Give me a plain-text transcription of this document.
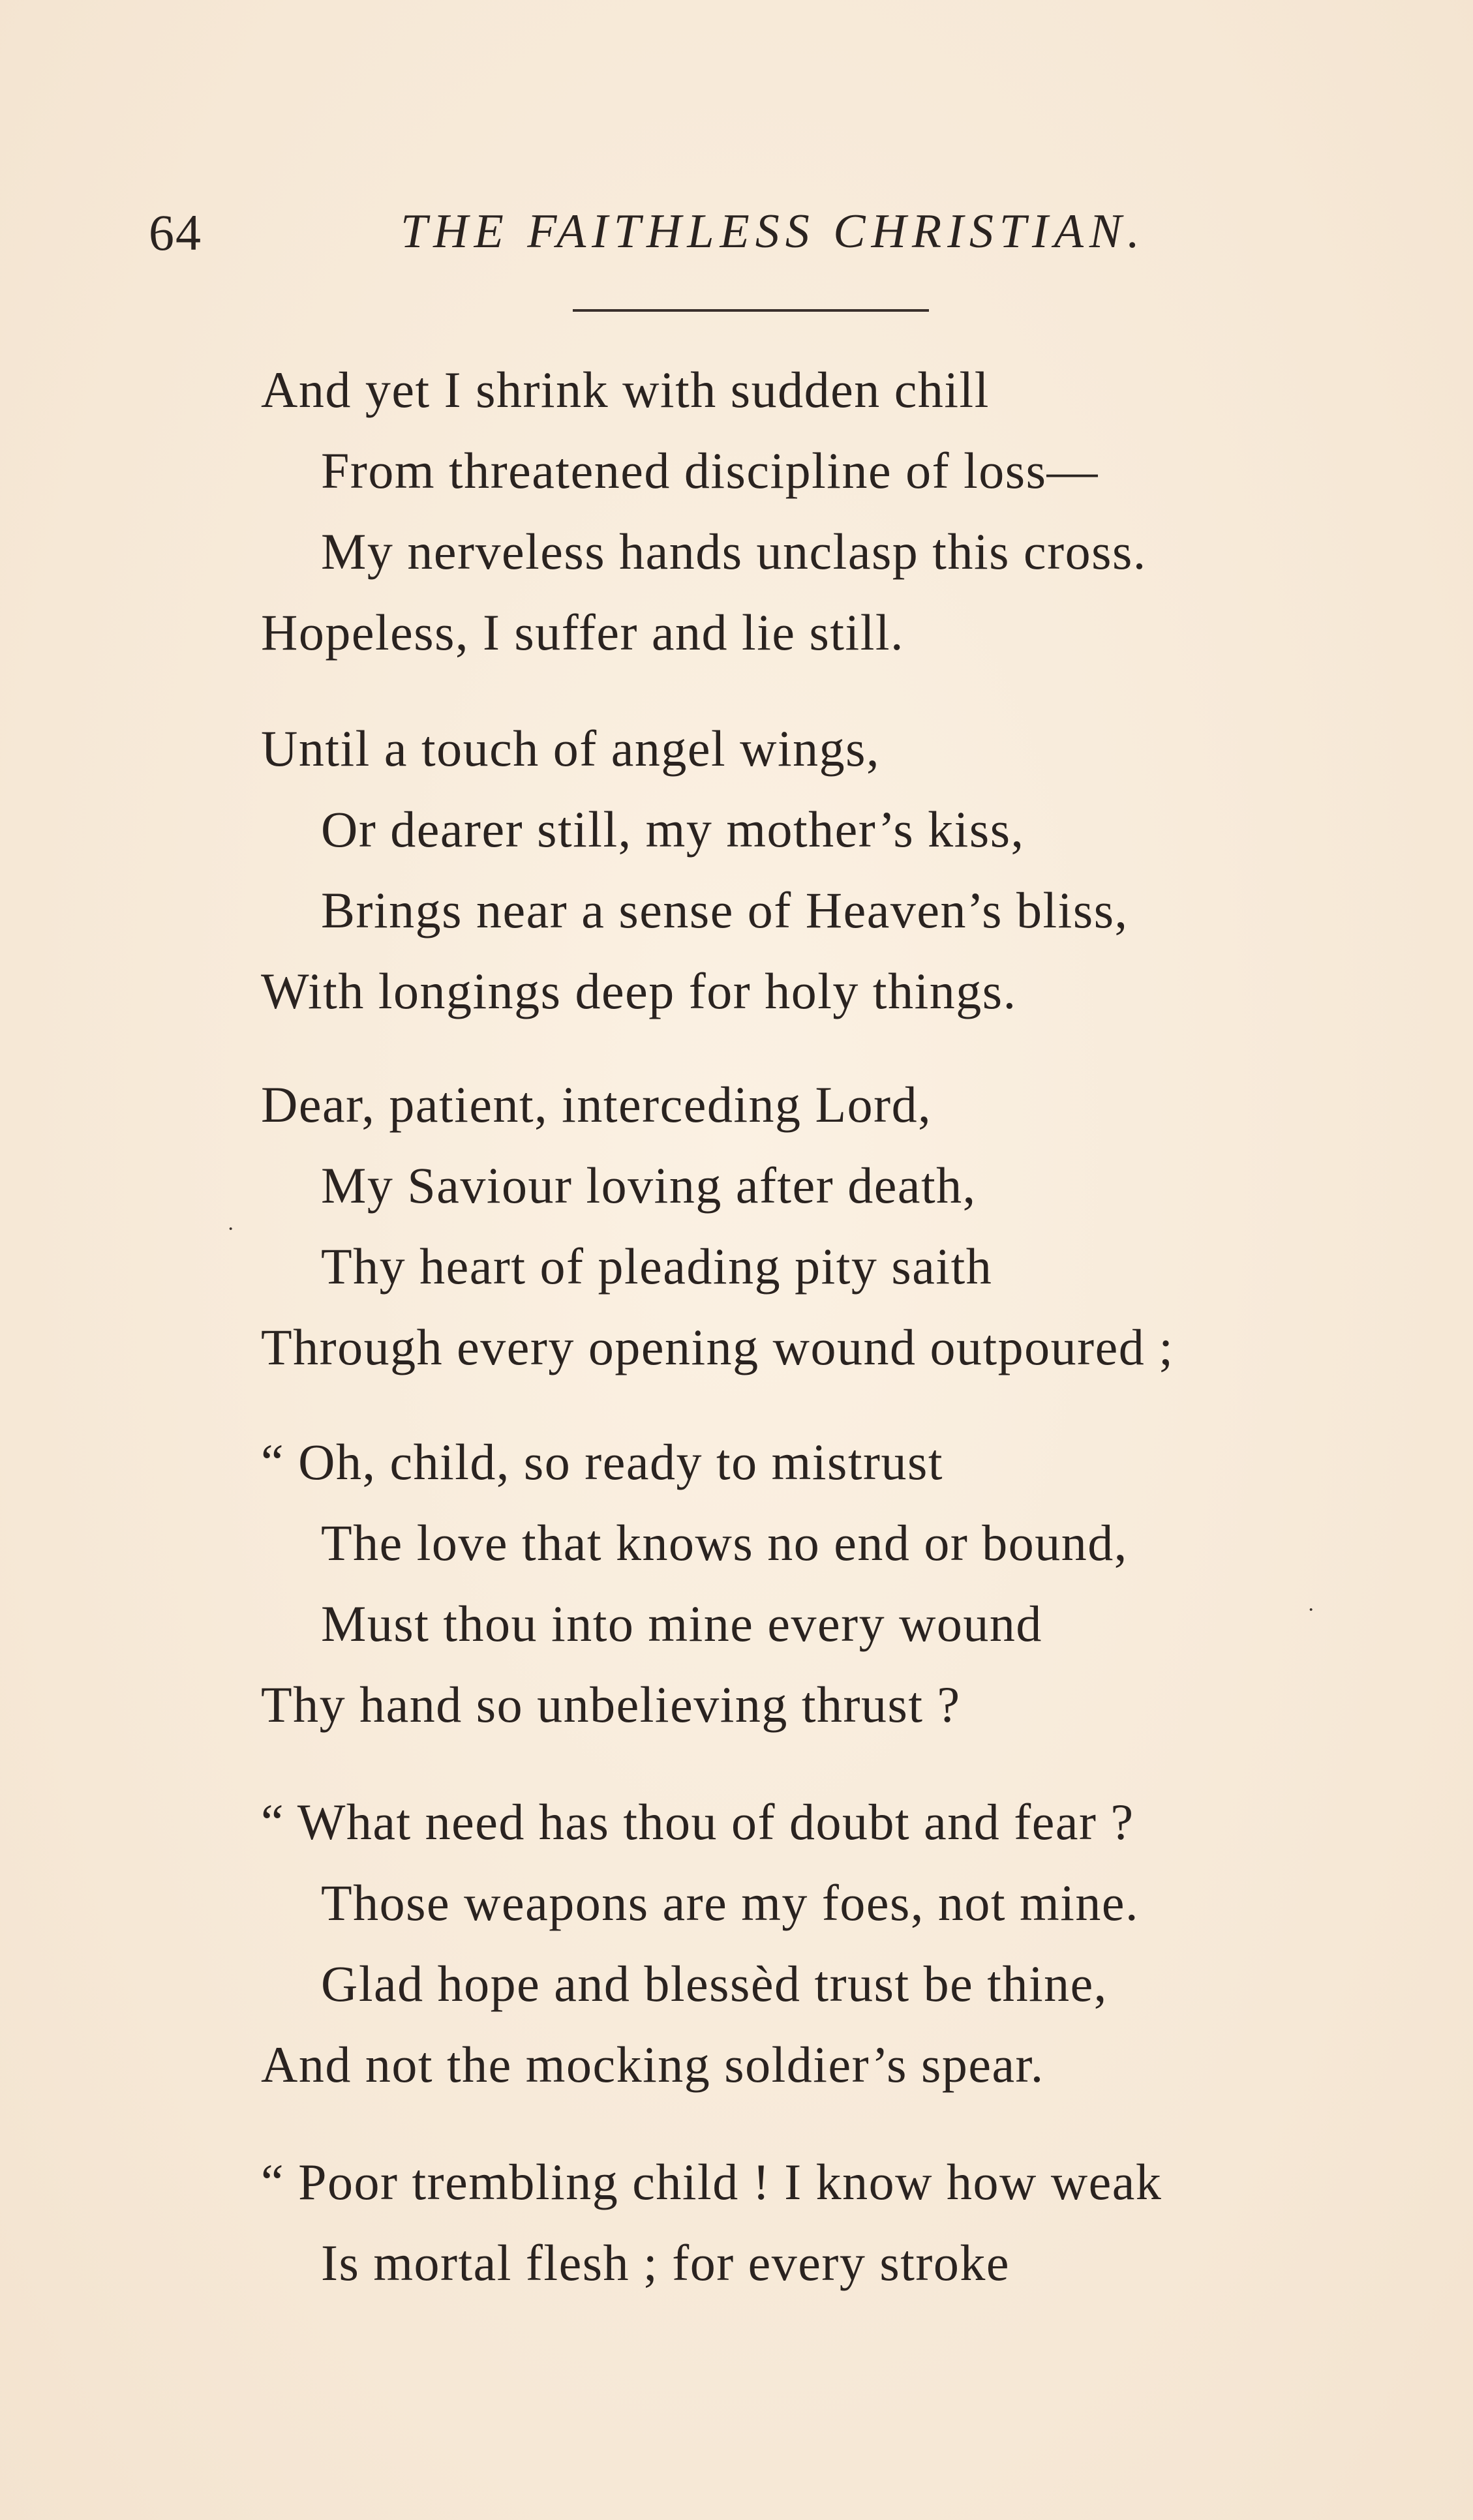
64	THE FAITHLESS CHRISTIAN.
And yet I shrink with sudden chill
From threatened discipline of loss—
My nerveless hands unclasp this cross.
Hopeless, I suffer and lie still.
Until a touch of angel wings,
Or dearer still, my mother’s kiss,
Brings near a sense of Heaven’s bliss,
With longings deep for holy things.
Dear, patient, interceding Lord,
My Saviour loving after death,
Thy heart of pleading pity saith
Through every opening wound outpoured ;
“ Oh, child, so ready to mistrust
The love that knows no end or bound,
Must thou into mine every wound
Thy hand so unbelieving thrust ?
“ What need has thou of doubt and fear ?
Those weapons are my foes, not mine.
Glad hope and blessèd trust be thine,
And not the mocking soldier’s spear.
“ Poor trembling child ! I know how weak
Is mortal flesh ; for every stroke
·
·
